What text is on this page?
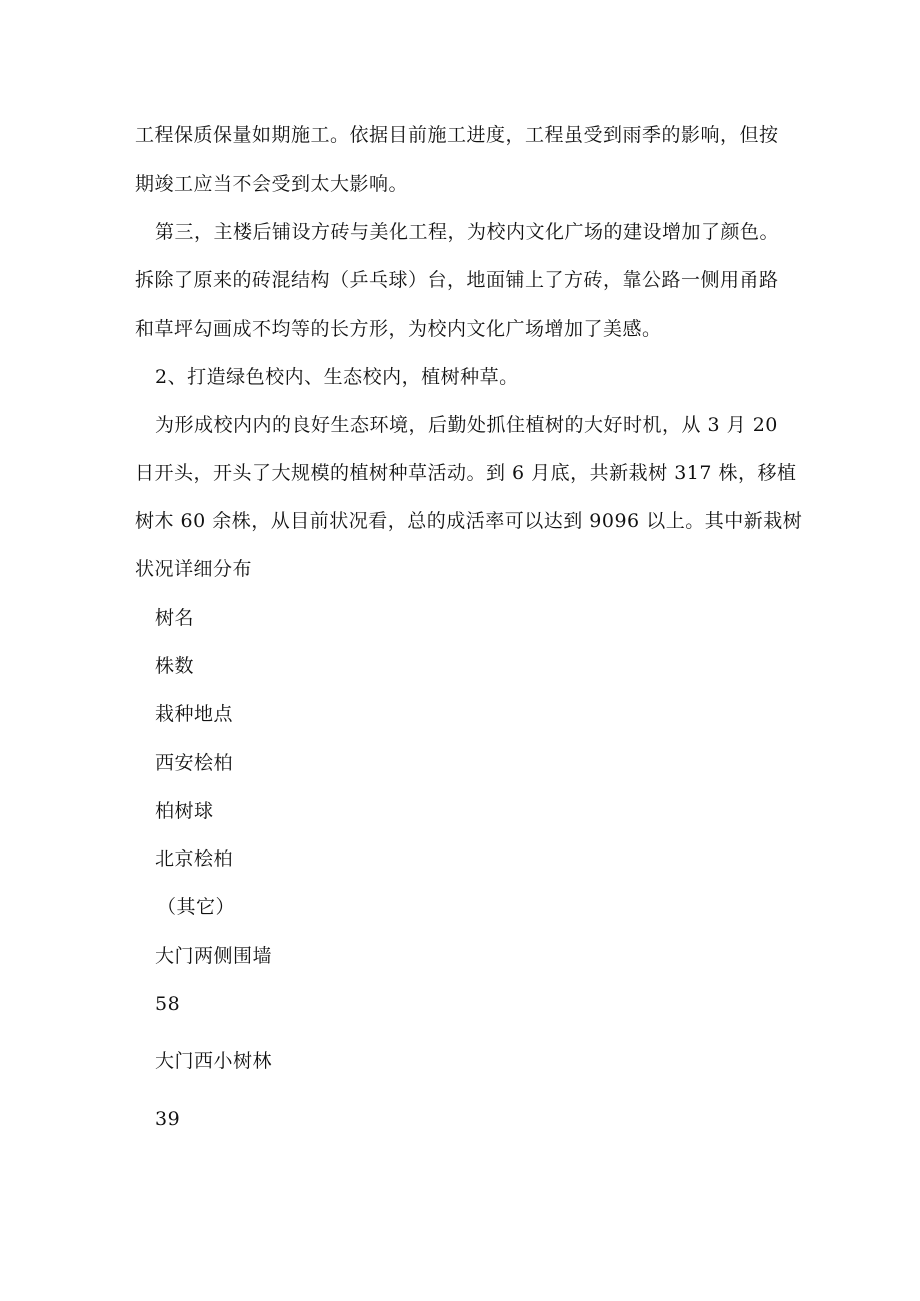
工程保质保量如期施工。依据目前施工进度，工程虽受到雨季的影响，但按
期竣工应当不会受到太大影响。
第三，主楼后铺设方砖与美化工程，为校内文化广场的建设增加了颜色。
拆除了原来的砖混结构（乒乓球）台，地面铺上了方砖，靠公路一侧用甬路
和草坪勾画成不均等的长方形，为校内文化广场增加了美感。
2、打造绿色校内、生态校内，植树种草。
为形成校内内的良好生态环境，后勤处抓住植树的大好时机，从 3 月 20
日开头，开头了大规模的植树种草活动。到 6 月底，共新栽树 317 株，移植
树木 60 余株，从目前状况看，总的成活率可以达到 9096 以上。其中新栽树
状况详细分布
树名
株数
栽种地点
西安桧柏
柏树球
北京桧柏
（其它）
大门两侧围墙
58
大门西小树林
39
